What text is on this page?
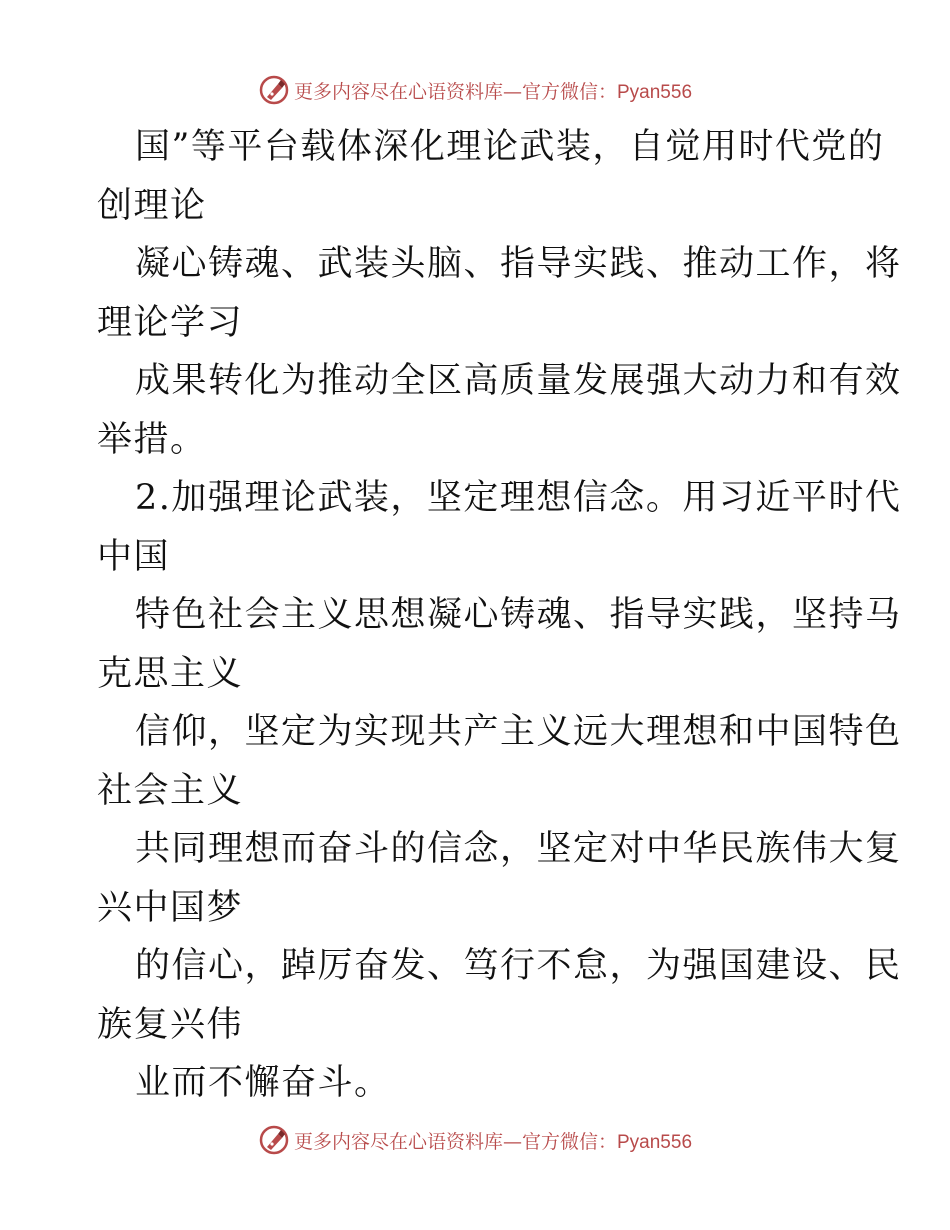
更多内容尽在心语资料库—官方微信：Pyan556
国”等平台载体深化理论武装，自觉用时代党的
创理论
凝心铸魂、武装头脑、指导实践、推动工作，将
理论学习
成果转化为推动全区高质量发展强大动力和有效
举措。
2.加强理论武装，坚定理想信念。用习近平时代
中国
特色社会主义思想凝心铸魂、指导实践，坚持马
克思主义
信仰，坚定为实现共产主义远大理想和中国特色
社会主义
共同理想而奋斗的信念，坚定对中华民族伟大复
兴中国梦
的信心，踔厉奋发、笃行不怠，为强国建设、民
族复兴伟
业而不懈奋斗。
更多内容尽在心语资料库—官方微信：Pyan556
